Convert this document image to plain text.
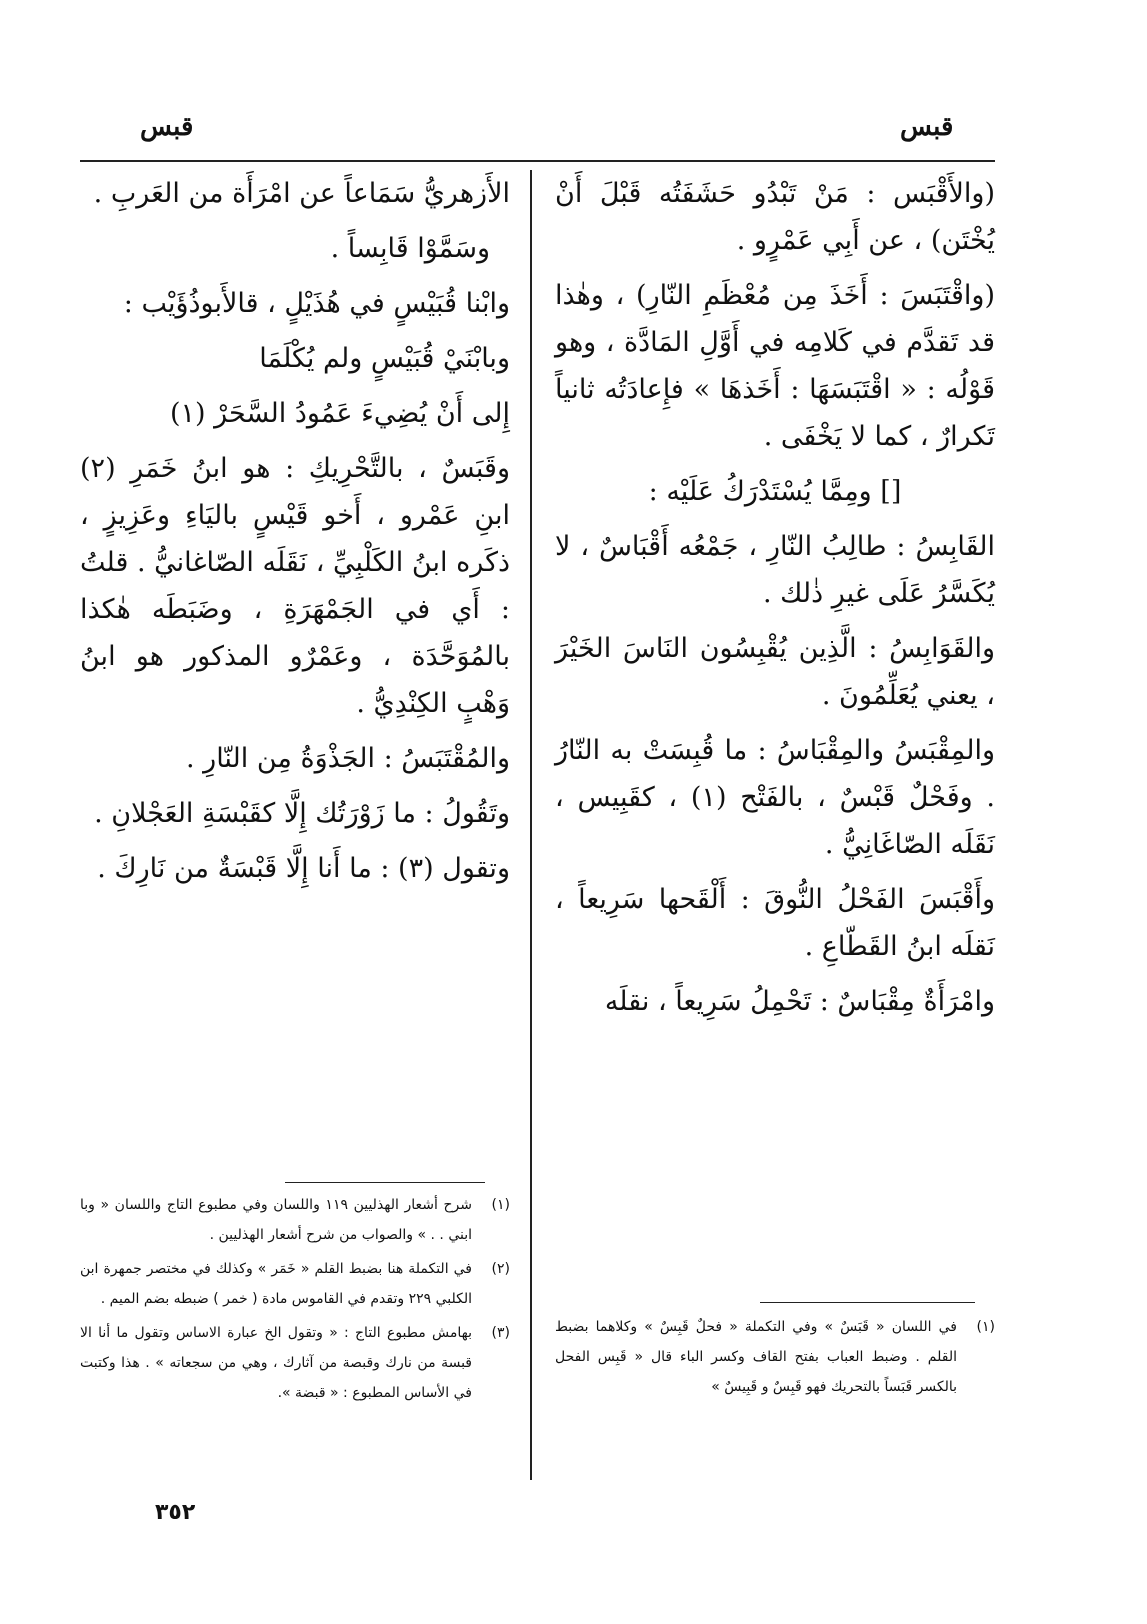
قبس
قبس

(والأَقْبَس : مَنْ تَبْدُو حَشَفَتُه قَبْلَ أَنْ يُخْتَن) ، عن أَبِي عَمْرٍو .

(واقْتَبَسَ : أَخَذَ مِن مُعْظَمِ النّارِ) ، وهٰذا قد تَقدَّم في كَلامِه في أَوَّلِ المَادَّة ، وهو قَوْلُه : « اقْتَبَسَهَا : أَخَذهَا » فإِعادَتُه ثانياً تَكرارٌ ، كما لا يَخْفَى .

[] ومِمَّا يُسْتَدْرَكُ عَلَيْه :

القَابِسُ : طالِبُ النّارِ ، جَمْعُه أَقْبَاسٌ ، لا يُكَسَّرُ عَلَى غيرِ ذٰلك .

والقَوَابِسُ : الَّذِين يُقْبِسُون النَاسَ الخَيْرَ ، يعني يُعَلِّمُونَ .

والمِقْبَسُ والمِقْبَاسُ : ما قُبِسَتْ به النّارُ . وفَحْلٌ قَبْسٌ ، بالفَتْح (١) ، كقَبِيس ، نَقَلَه الصّاغَانِيُّ .

وأَقْبَسَ الفَحْلُ النُّوقَ : أَلْقَحها سَرِيعاً ، نَقلَه ابنُ القَطّاعِ .

وامْرَأَةٌ مِقْبَاسٌ : تَحْمِلُ سَرِيعاً ، نقلَه

الأَزهريُّ سَمَاعاً عن امْرَأَة من العَربِ .

وسَمَّوْا قَابِساً .

وابْنا قُبَيْسٍ في هُذَيْلٍ ، قالأَبوذُؤَيْب :

وبابْنَيْ قُبَيْسٍ ولم يُكْلَمَا

إِلى أَنْ يُضِيءَ عَمُودُ السَّحَرْ (١)

وقَبَسٌ ، بالتَّحْرِيكِ : هو ابنُ خَمَرِ (٢) ابنِ عَمْرو ، أَخو قَيْسٍ باليَاءِ وعَزِيزٍ ، ذكَره ابنُ الكَلْبِيِّ ، نَقَلَه الصّاغانيُّ . قلتُ : أَي في الجَمْهَرَةِ ، وضَبَطَه هٰكذا بالمُوَحَّدَة ، وعَمْرٌو المذكور هو ابنُ وَهْبٍ الكِنْدِيُّ .

والمُقْتَبَسُ : الجَذْوَةُ مِن النّارِ .

وتَقُولُ : ما زَوْرَتُك إِلَّا كقَبْسَةِ العَجْلانِ .

وتقول (٣) : ما أَنا إِلَّا قَبْسَةٌ من نَارِكَ .

(١)
في اللسان « قَبَسٌ » وفي التكملة « فحلٌ قَبِسٌ » وكلاهما بضبط القلم . وضبط العباب بفتح القاف وكسر الباء قال « قَبِس الفحل بالكسر قَبَساً بالتحريك فهو قَبِسٌ و قَبِيسٌ »
(١)
شرح أشعار الهذليين ١١٩ واللسان وفي مطبوع التاج واللسان « وبا ابني . . » والصواب من شرح أشعار الهذليين .
(٢)
في التكملة هنا بضبط القلم « خَمَر » وكذلك في مختصر جمهرة ابن الكلبي ٢٢٩ وتقدم في القاموس مادة ( خمر ) ضبطه بضم الميم .
(٣)
بهامش مطبوع التاج : « وتقول الخ عبارة الاساس وتقول ما أنا الا قبسة من نارك وقبصة من آثارك ، وهي من سجعاته » . هذا وكتبت في الأساس المطبوع : « قبضة ».
٣٥٢
